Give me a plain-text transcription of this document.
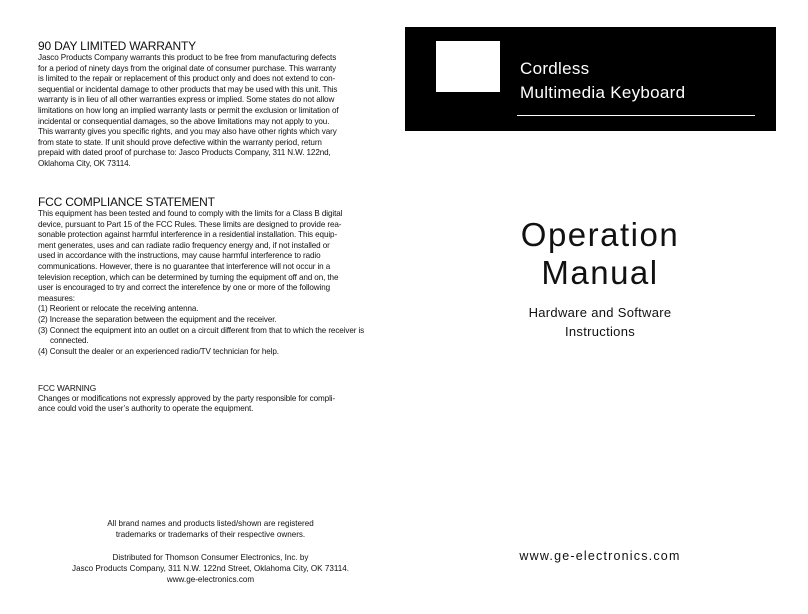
90 DAY LIMITED WARRANTY

Jasco Products Company warrants this product to be free from manufacturing defects

for a period of ninety days from the original date of consumer purchase. This warranty

is limited to the repair or replacement of this product only and does not extend to con-

sequential or incidental damage to other products that may be used with this unit. This

warranty is in lieu of all other warranties express or implied. Some states do not allow

limitations on how long an implied warranty lasts or permit the exclusion or limitation of

incidental or consequential damages, so the above limitations may not apply to you.

This warranty gives you specific rights, and you may also have other rights which vary

from state to state. If unit should prove defective within the warranty period, return

prepaid with dated proof of purchase to: Jasco Products Company, 311 N.W. 122nd,

Oklahoma City, OK 73114.

FCC COMPLIANCE STATEMENT

This equipment has been tested and found to comply with the limits for a Class B digital

device, pursuant to Part 15 of the FCC Rules. These limits are designed to provide rea-

sonable protection against harmful interference in a residential installation. This equip-

ment generates, uses and can radiate radio frequency energy and, if not installed or

used in accordance with the instructions, may cause harmful interference to radio

communications. However, there is no guarantee that interference will not occur in a

television reception, which can be determined by turning the equipment off and on, the

user is encouraged to try and correct the interefence by one or more of the following

measures:

(1) Reorient or relocate the receiving antenna.
(2) Increase the separation between the equipment and the receiver.
(3) Connect the equipment into an outlet on a circuit different from that to which the receiver is connected.
(4) Consult the dealer or an experienced radio/TV technician for help.

FCC WARNING

Changes or modifications not expressly approved by the party responsible for compli-

ance could void the user’s authority to operate the equipment.

All brand names and products listed/shown are registered

trademarks or trademarks of their respective owners.

Distributed for Thomson Consumer Electronics, Inc. by

Jasco Products Company, 311 N.W. 122nd Street, Oklahoma City, OK 73114.

www.ge-electronics.com

HO97790
Cordless
Multimedia Keyboard

Operation

Manual

Hardware and Software

Instructions

www.ge-electronics.com
